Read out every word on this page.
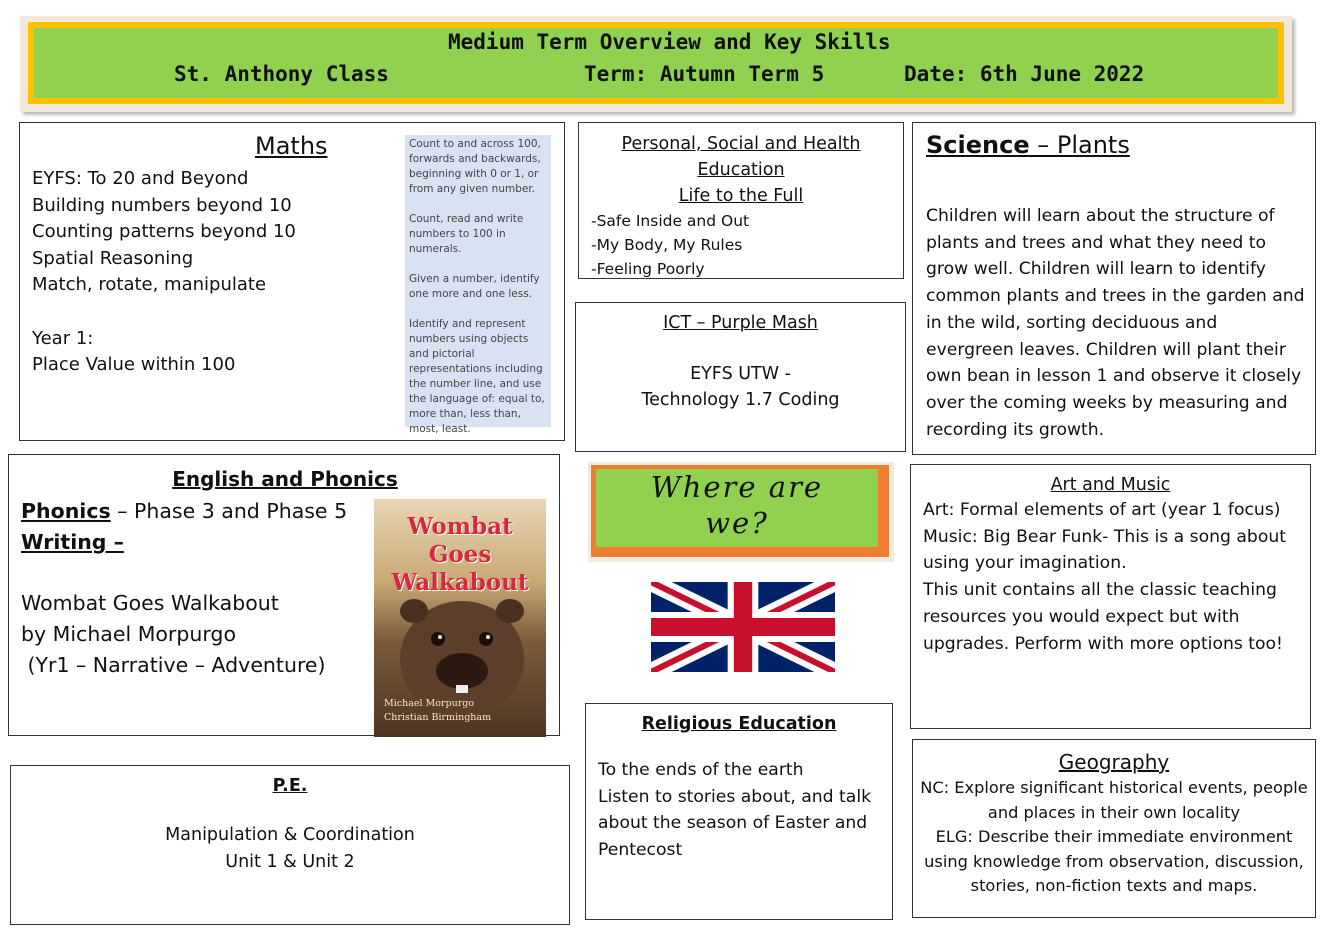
Medium Term Overview and Key Skills
St. Anthony Class	Term: Autumn Term 5	Date: 6th June 2022
Maths
EYFS: To 20 and Beyond
Building numbers beyond 10
Counting patterns beyond 10
Spatial Reasoning
Match, rotate, manipulate
Year 1:
Place Value within 100

Count to and across 100, forwards and backwards, beginning with 0 or 1, or from any given number.

Count, read and write numbers to 100 in numerals.

Given a number, identify one more and one less.

Identify and represent numbers using objects and pictorial representations including the number line, and use the language of: equal to, more than, less than, most, least.

Personal, Social and Health
Education
Life to the Full
-Safe Inside and Out
-My Body, My Rules
-Feeling Poorly
Science – Plants
Children will learn about the structure of plants and trees and what they need to grow well. Children will learn to identify common plants and trees in the garden and in the wild, sorting deciduous and evergreen leaves. Children will plant their own bean in lesson 1 and observe it closely over the coming weeks by measuring and recording its growth.
ICT – Purple Mash
EYFS UTW -
Technology 1.7 Coding
English and Phonics
Phonics – Phase 3 and Phase 5
Writing –
Wombat Goes Walkabout
by Michael Morpurgo
(Yr1 – Narrative – Adventure)
Wombat Goes Walkabout
Michael Morpurgo
Christian Birmingham
Where are
we?
Art and Music
Art: Formal elements of art (year 1 focus)
Music: Big Bear Funk- This is a song about using your imagination.
This unit contains all the classic teaching resources you would expect but with upgrades. Perform with more options too!
Religious Education
To the ends of the earth
Listen to stories about, and talk about the season of Easter and Pentecost
P.E.
Manipulation & Coordination
Unit 1 & Unit 2
Geography
NC: Explore significant historical events, people and places in their own locality
ELG: Describe their immediate environment using knowledge from observation, discussion, stories, non-fiction texts and maps.
